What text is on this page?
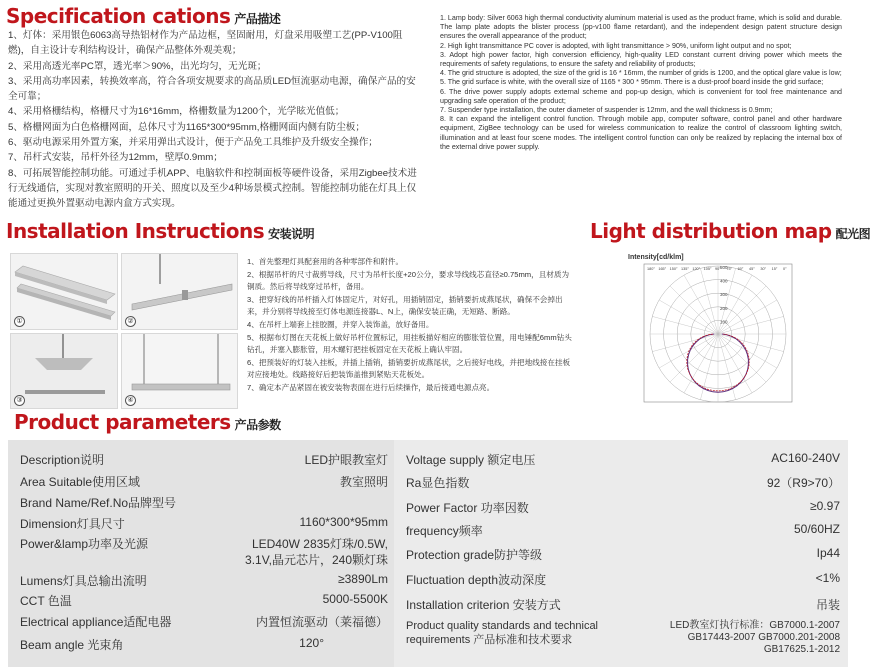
Specification cations 产品描述

1、灯体：采用银色6063高导热铝材作为产品边框，坚固耐用，灯盘采用吸塑工艺(PP-V100阻燃)，自主设计专利结构设计，确保产品整体外观美观；

2、采用高透光率PC罩，透光率＞90%，出光均匀，无光斑；

3、采用高功率因素，转换效率高，符合各项安规要求的高品质LED恒流驱动电源，确保产品的安全可靠；

4、采用格栅结构，格栅尺寸为16*16mm，格栅数量为1200个，光学眩光值低；

5、格栅网面为白色格栅网面，总体尺寸为1165*300*95mm,格栅网面内侧有防尘板；

6、驱动电源采用外置方案，并采用弹出式设计，便于产品免工具维护及升级安全操作；

7、吊杆式安装，吊杆外径为12mm，壁厚0.9mm；

8、可拓展智能控制功能。可通过手机APP、电脑软件和控制面板等硬件设备，采用Zigbee技术进行无线通信，实现对教室照明的开关、照度以及至少4种场景模式控制。智能控制功能在灯具上仅能通过更换外置驱动电源内盒方式实现。

1. Lamp body: Silver 6063 high thermal conductivity aluminum material is used as the product frame, which is solid and durable. The lamp plate adopts the blister process (pp-v100 flame retardant), and the independent design patent structure design ensures the overall appearance of the product;

2. High light transmittance PC cover is adopted, with light transmittance > 90%, uniform light output and no spot;

3. Adopt high power factor, high conversion efficiency, high-quality LED constant current driving power which meets the requirements of safety regulations, to ensure the safety and reliability of products;

4. The grid structure is adopted, the size of the grid is 16 * 16mm, the number of grids is 1200, and the optical glare value is low;

5. The grid surface is white, with the overall size of 1165 * 300 * 95mm. There is a dust-proof board inside the grid surface;

6. The drive power supply adopts external scheme and pop-up design, which is convenient for tool free maintenance and upgrading safe operation of the product;

7. Suspender type installation, the outer diameter of suspender is 12mm, and the wall thickness is 0.9mm;

8. It can expand the intelligent control function. Through mobile app, computer software, control panel and other hardware equipment, ZigBee technology can be used for wireless communication to realize the control of classroom lighting switch, illumination and at least four scene modes. The intelligent control function can only be realized by replacing the internal box of the external drive power supply.

Installation Instructions 安装说明
①	②
③	④

1、首先整理灯具配套用的各种零部件和附件。

2、根据吊杆的尺寸裁剪导线，尺寸为吊杆长度+20公分，要求导线线芯直径≥0.75mm，且材质为铜质。然后将导线穿过吊杆，备用。

3、把穿好线的吊杆插入灯体固定片，对好孔，用插销固定，插销要折成燕尾状，确保不会掉出来，并分别将导线接至灯体电源连接器L、N上，确保安装正确，无短路、断路。

4、在吊杆上端套上挂胶圈，并穿入装饰盖，放好备用。

5、根据布灯图在天花板上做好吊杆位置标记，用挂板描好相应的膨胀管位置，用电锤配6mm钻头钻孔，并塞入膨胀管，用木螺钉把挂板固定在天花板上确认牢固。

6、把预装好的灯装入挂板，并插上插销，插销要折成燕尾状，之后接好电线，并把地线接在挂板对应接地处。线路接好后把装饰盖推到紧贴天花板处。

7、确定本产品紧固在被安装物表面在进行后续操作，最后接通电源点亮。

Light distribution map 配光图
Intensity[cd/klm]
100
200
300
400
500
180° 165° 150° 135° 120° 105° 90° 75° 60° 45° 30° 15° 0°
Product parameters 产品参数
Description说明	LED护眼教室灯
Area Suitable使用区域	教室照明
Brand Name/Ref.No品牌型号
Dimension灯具尺寸	1160*300*95mm
Power&lamp功率及光源	LED40W 2835灯珠/0.5W,
3.1V,晶元芯片，240颗灯珠
Lumens灯具总输出流明	≥3890Lm
CCT 色温	5000-5500K
Electrical appliance适配电器	内置恒流驱动（莱福德）
Beam angle 光束角	120°
Voltage supply 额定电压	AC160-240V
Ra显色指数	92（R9>70）
Power Factor 功率因数	≥0.97
frequency频率	50/60HZ
Protection grade防护等级	Ip44
Fluctuation depth波动深度	<1%
Installation criterion 安装方式	吊装
Product quality standards and technical
requirements 产品标准和技术要求
LED教室灯执行标准：GB7000.1-2007
GB17443-2007 GB7000.201-2008
GB17625.1-2012
